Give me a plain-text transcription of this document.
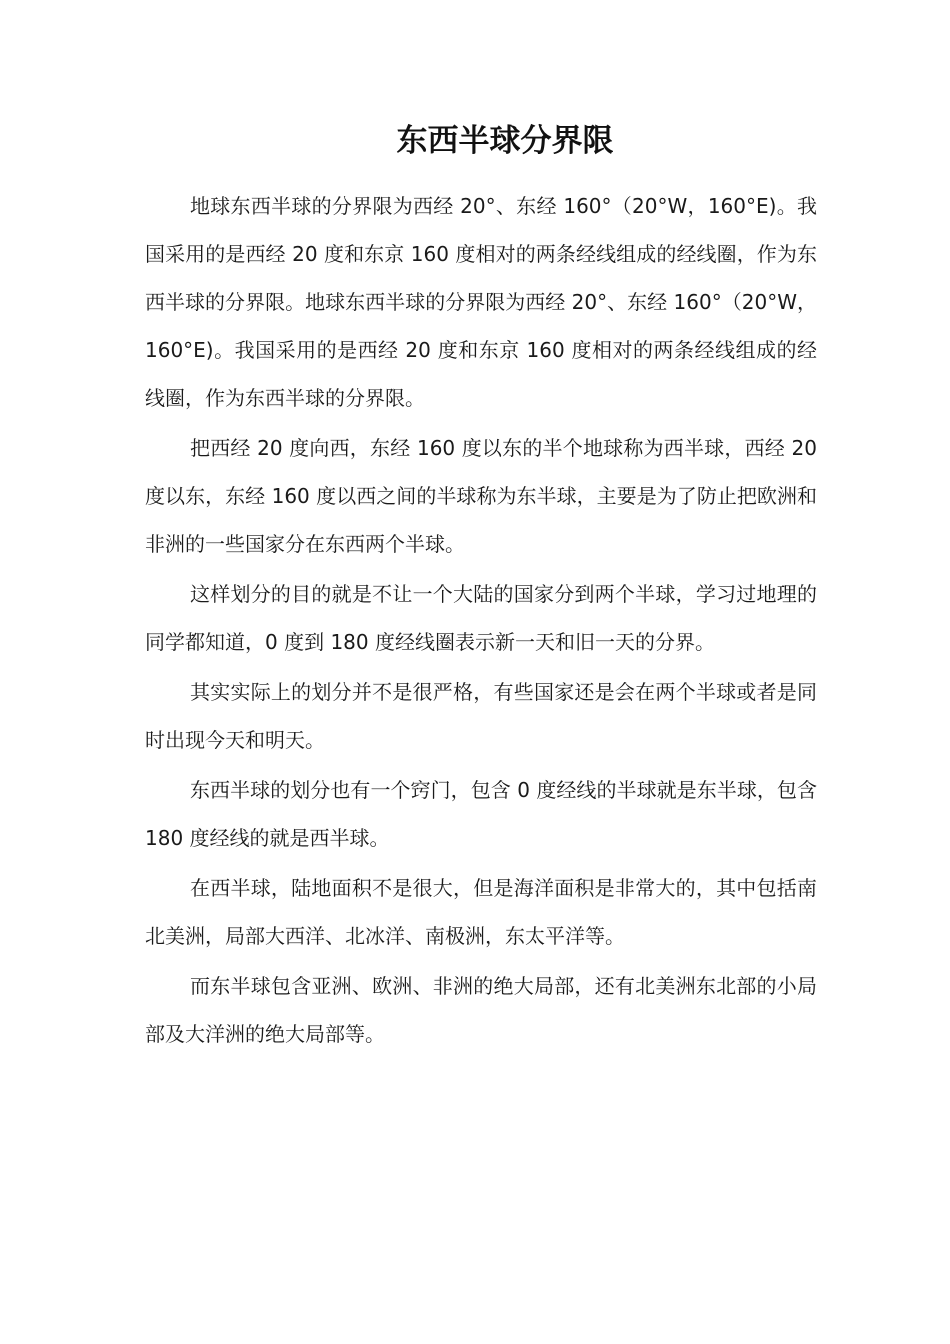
东西半球分界限

地球东西半球的分界限为西经 20°、东经 160°（20°W，160°E)。我国采用的是西经 20 度和东京 160 度相对的两条经线组成的经线圈，作为东西半球的分界限。地球东西半球的分界限为西经 20°、东经 160°（20°W，160°E)。我国采用的是西经 20 度和东京 160 度相对的两条经线组成的经线圈，作为东西半球的分界限。

把西经 20 度向西，东经 160 度以东的半个地球称为西半球，西经 20 度以东，东经 160 度以西之间的半球称为东半球，主要是为了防止把欧洲和非洲的一些国家分在东西两个半球。

这样划分的目的就是不让一个大陆的国家分到两个半球，学习过地理的同学都知道，0 度到 180 度经线圈表示新一天和旧一天的分界。

其实实际上的划分并不是很严格，有些国家还是会在两个半球或者是同时出现今天和明天。

东西半球的划分也有一个窍门，包含 0 度经线的半球就是东半球，包含 180 度经线的就是西半球。

在西半球，陆地面积不是很大，但是海洋面积是非常大的，其中包括南北美洲，局部大西洋、北冰洋、南极洲，东太平洋等。

而东半球包含亚洲、欧洲、非洲的绝大局部，还有北美洲东北部的小局部及大洋洲的绝大局部等。
